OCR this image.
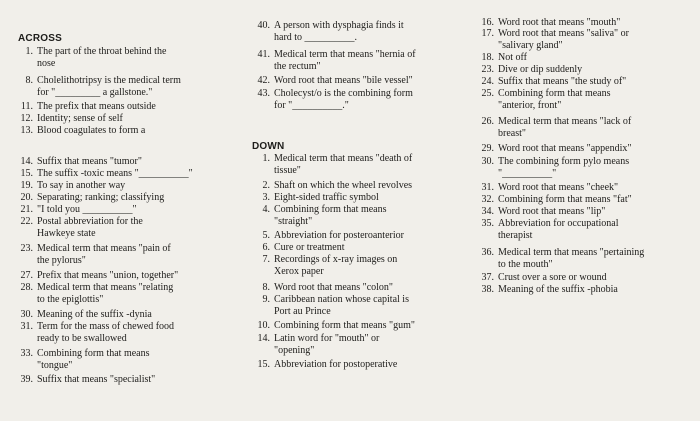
ACROSS
1. The part of the throat behind the
nose
8. Cholelithotripsy is the medical term
for "_________ a gallstone."
11. The prefix that means outside
12. Identity; sense of self
13. Blood coagulates to form a
14. Suffix that means "tumor"
15. The suffix -toxic means "__________"
19. To say in another way
20. Separating; ranking; classifying
21. "I told you __________"
22. Postal abbreviation for the
Hawkeye state
23. Medical term that means "pain of
the pylorus"
27. Prefix that means "union, together"
28. Medical term that means "relating
to the epiglottis"
30. Meaning of the suffix -dynia
31. Term for the mass of chewed food
ready to be swallowed
33. Combining form that means
"tongue"
39. Suffix that means "specialist"
DOWN
40. A person with dysphagia finds it
hard to __________.
41. Medical term that means "hernia of
the rectum"
42. Word root that means "bile vessel"
43. Cholecyst/o is the combining form
for "__________."
1. Medical term that means "death of
tissue"
2. Shaft on which the wheel revolves
3. Eight-sided traffic symbol
4. Combining form that means
"straight"
5. Abbreviation for posteroanterior
6. Cure or treatment
7. Recordings of x-ray images on
Xerox paper
8. Word root that means "colon"
9. Caribbean nation whose capital is
Port au Prince
10. Combining form that means "gum"
14. Latin word for "mouth" or
"opening"
15. Abbreviation for postoperative
16. Word root that means "mouth"
17. Word root that means "saliva" or
"salivary gland"
18. Not off
23. Dive or dip suddenly
24. Suffix that means "the study of"
25. Combining form that means
"anterior, front"
26. Medical term that means "lack of
breast"
29. Word root that means "appendix"
30. The combining form pylo means
"__________"
31. Word root that means "cheek"
32. Combining form that means "fat"
34. Word root that means "lip"
35. Abbreviation for occupational
therapist
36. Medical term that means "pertaining
to the mouth"
37. Crust over a sore or wound
38. Meaning of the suffix -phobia
